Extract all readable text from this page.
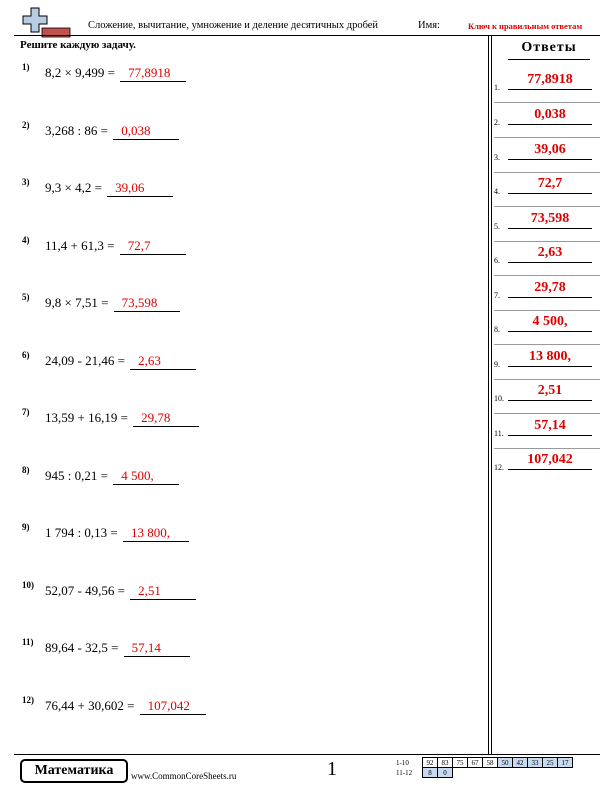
Сложение, вычитание, умножение и деление десятичных дробей	Имя:	Ключ к правильным ответам
Решите каждую задачу.
1) 8,2 × 9,499 = 77,8918
2) 3,268 : 86 = 0,038
3) 9,3 × 4,2 = 39,06
4) 11,4 + 61,3 = 72,7
5) 9,8 × 7,51 = 73,598
6) 24,09 - 21,46 = 2,63
7) 13,59 + 16,19 = 29,78
8) 945 : 0,21 = 4 500,
9) 1 794 : 0,13 = 13 800,
10) 52,07 - 49,56 = 2,51
11) 89,64 - 32,5 = 57,14
12) 76,44 + 30,602 = 107,042
Ответы
1.
77,8918
2.
0,038
3.
39,06
4.
72,7
5.
73,598
6.
2,63
7.
29,78
8.
4 500,
9.
13 800,
10.
2,51
11.
57,14
12.
107,042
Математика	www.CommonCoreSheets.ru	1	1-10	92	83	75	67	58	50	42	33	25	17
11-12	8	0								
